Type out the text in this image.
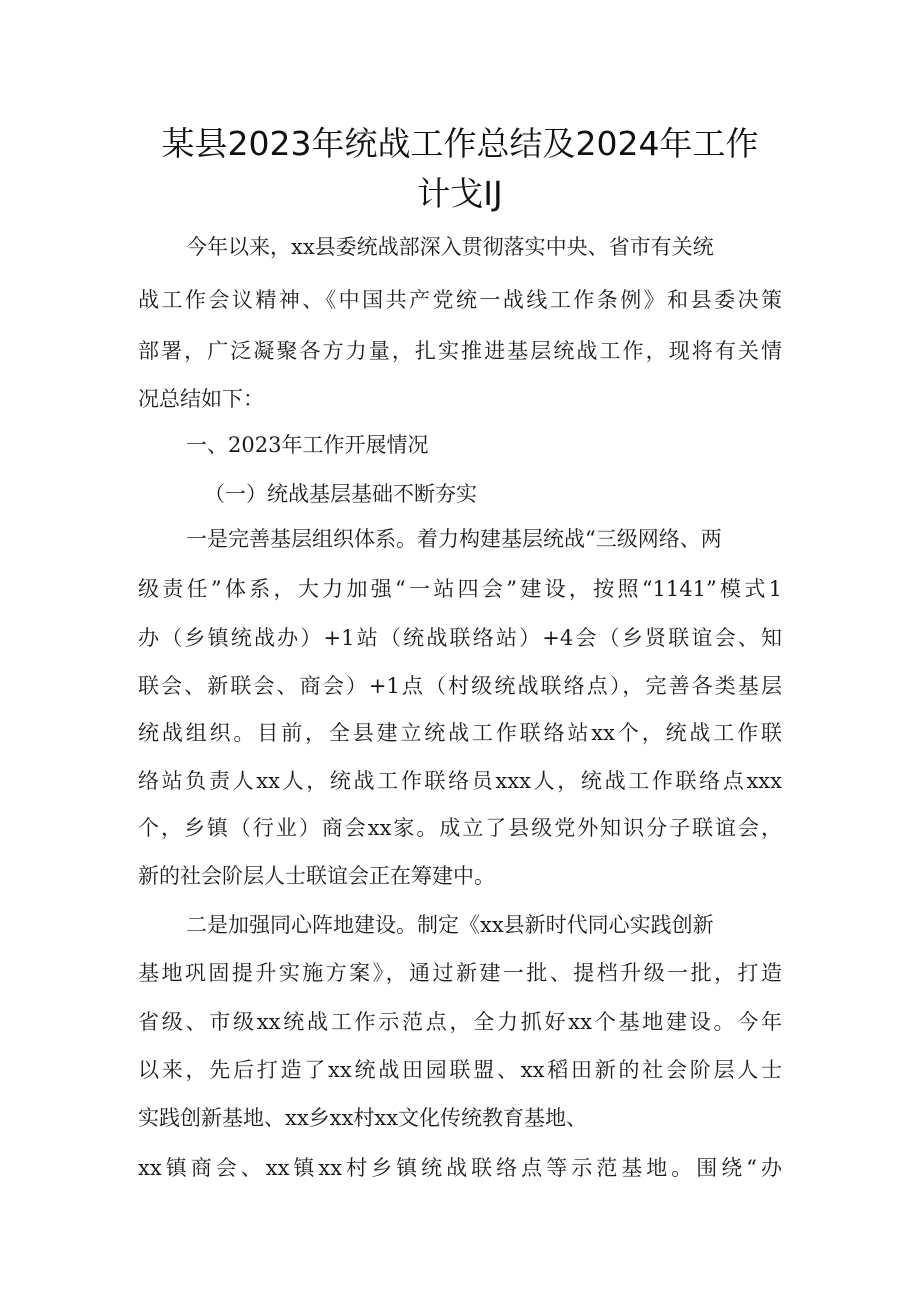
某县2023年统战工作总结及2024年工作
计戈IJ
今年以来，xx县委统战部深入贯彻落实中央、省市有关统
战工作会议精神、《中国共产党统一战线工作条例》和县委决策
部署，广泛凝聚各方力量，扎实推进基层统战工作，现将有关情
况总结如下：
一、2023年工作开展情况
（一）统战基层基础不断夯实
一是完善基层组织体系。着力构建基层统战“三级网络、两
级责任”体系，大力加强“一站四会”建设，按照“1141”模式1
办（乡镇统战办）+1站（统战联络站）+4会（乡贤联谊会、知
联会、新联会、商会）+1点（村级统战联络点），完善各类基层
统战组织。目前，全县建立统战工作联络站xx个，统战工作联
络站负责人xx人，统战工作联络员xxx人，统战工作联络点xxx
个，乡镇（行业）商会xx家。成立了县级党外知识分子联谊会，
新的社会阶层人士联谊会正在筹建中。
二是加强同心阵地建设。制定《xx县新时代同心实践创新
基地巩固提升实施方案》，通过新建一批、提档升级一批，打造
省级、市级xx统战工作示范点，全力抓好xx个基地建设。今年
以来，先后打造了xx统战田园联盟、xx稻田新的社会阶层人士
实践创新基地、xx乡xx村xx文化传统教育基地、
xx镇商会、xx镇xx村乡镇统战联络点等示范基地。围绕“办
